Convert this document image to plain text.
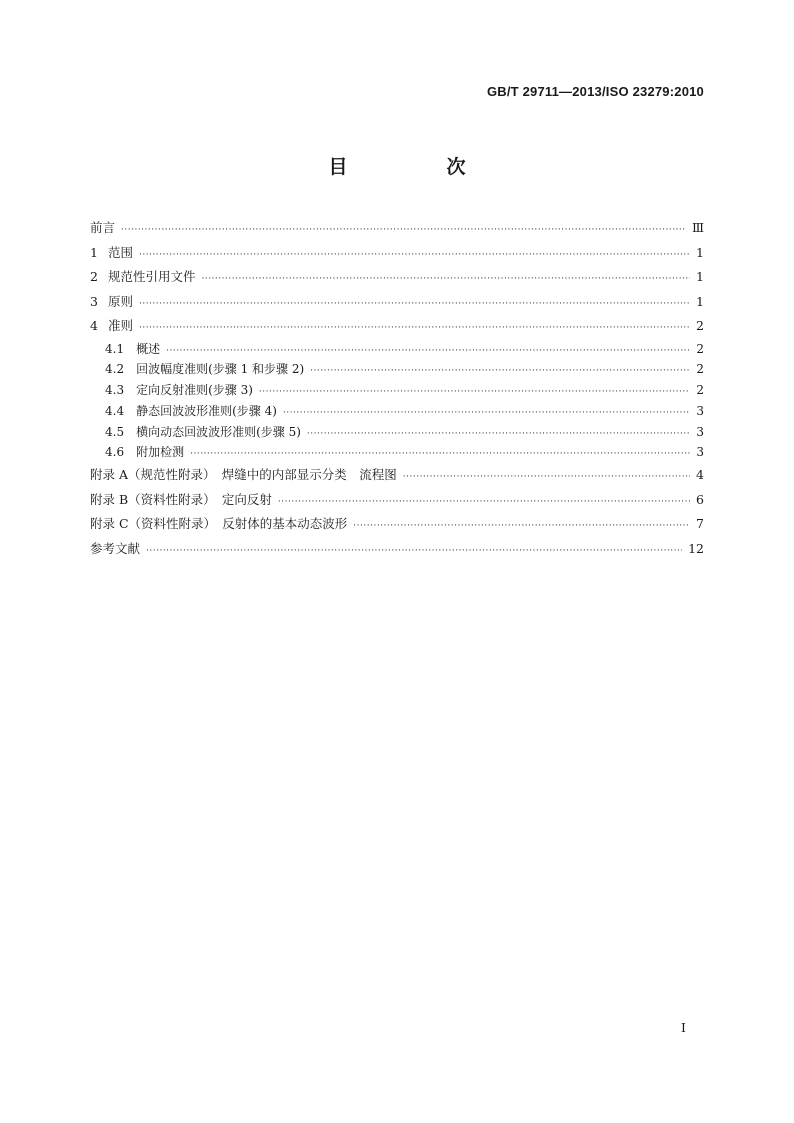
GB/T 29711—2013/ISO 23279:2010
目　次
前言 ·····	Ⅲ
1 范围 ·····	1
2 规范性引用文件 ·····	1
3 原则 ·····	1
4 准则 ·····	2
4.1 概述 ·····	2
4.2 回波幅度准则(步骤 1 和步骤 2) ·····	2
4.3 定向反射准则(步骤 3) ·····	2
4.4 静态回波波形准则(步骤 4) ·····	3
4.5 横向动态回波波形准则(步骤 5) ·····	3
4.6 附加检测 ·····	3
附录 A（规范性附录）　焊缝中的内部显示分类　流程图 ·····	4
附录 B（资料性附录）　定向反射 ·····	6
附录 C（资料性附录）　反射体的基本动态波形 ·····	7
参考文献 ·····	12
Ⅰ
